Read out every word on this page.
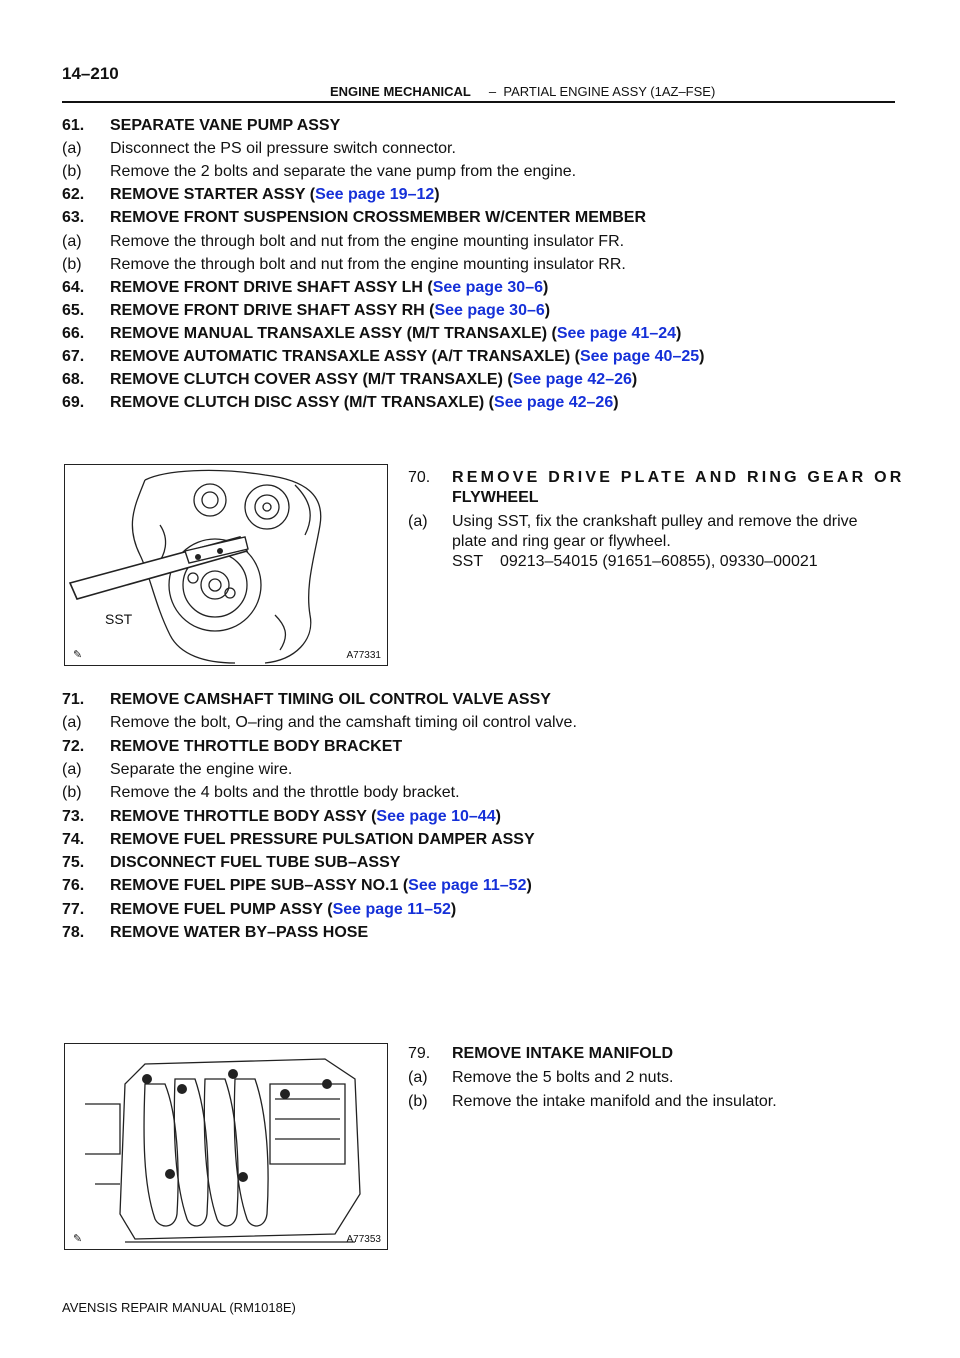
14–210
ENGINE MECHANICAL – PARTIAL ENGINE ASSY (1AZ–FSE)
61. SEPARATE VANE PUMP ASSY
(a) Disconnect the PS oil pressure switch connector.
(b) Remove the 2 bolts and separate the vane pump from the engine.
62. REMOVE STARTER ASSY (See page 19–12)
63. REMOVE FRONT SUSPENSION CROSSMEMBER W/CENTER MEMBER
(a) Remove the through bolt and nut from the engine mounting insulator FR.
(b) Remove the through bolt and nut from the engine mounting insulator RR.
64. REMOVE FRONT DRIVE SHAFT ASSY LH (See page 30–6)
65. REMOVE FRONT DRIVE SHAFT ASSY RH (See page 30–6)
66. REMOVE MANUAL TRANSAXLE ASSY (M/T TRANSAXLE) (See page 41–24)
67. REMOVE AUTOMATIC TRANSAXLE ASSY (A/T TRANSAXLE) (See page 40–25)
68. REMOVE CLUTCH COVER ASSY (M/T TRANSAXLE) (See page 42–26)
69. REMOVE CLUTCH DISC ASSY (M/T TRANSAXLE) (See page 42–26)
SST
✎	A77331
70. REMOVE DRIVE PLATE AND RING GEAR OR
FLYWHEEL
(a) Using SST, fix the crankshaft pulley and remove the drive
plate and ring gear or flywheel.
SST 09213–54015 (91651–60855), 09330–00021
71. REMOVE CAMSHAFT TIMING OIL CONTROL VALVE ASSY
(a) Remove the bolt, O–ring and the camshaft timing oil control valve.
72. REMOVE THROTTLE BODY BRACKET
(a) Separate the engine wire.
(b) Remove the 4 bolts and the throttle body bracket.
73. REMOVE THROTTLE BODY ASSY (See page 10–44)
74. REMOVE FUEL PRESSURE PULSATION DAMPER ASSY
75. DISCONNECT FUEL TUBE SUB–ASSY
76. REMOVE FUEL PIPE SUB–ASSY NO.1 (See page 11–52)
77. REMOVE FUEL PUMP ASSY (See page 11–52)
78. REMOVE WATER BY–PASS HOSE
✎	A77353
79. REMOVE INTAKE MANIFOLD
(a) Remove the 5 bolts and 2 nuts.
(b) Remove the intake manifold and the insulator.
AVENSIS REPAIR MANUAL (RM1018E)
